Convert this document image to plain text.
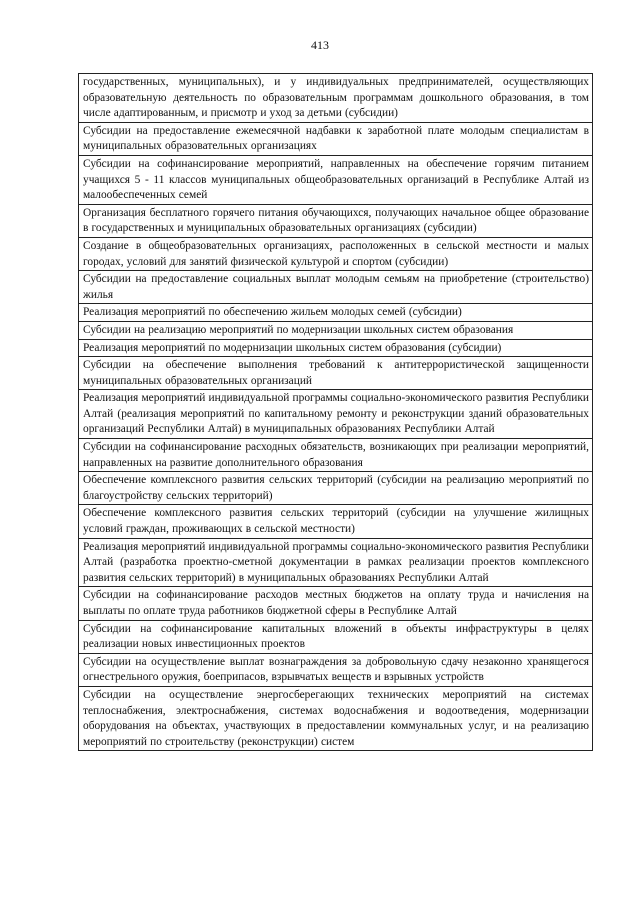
413
государственных, муниципальных), и у индивидуальных предпринимателей, осуществляющих образовательную деятельность по образовательным программам дошкольного образования, в том числе адаптированным, и присмотр и уход за детьми (субсидии)
Субсидии на предоставление ежемесячной надбавки к заработной плате молодым специалистам в муниципальных образовательных организациях
Субсидии на софинансирование мероприятий, направленных на обеспечение горячим питанием учащихся 5 - 11 классов муниципальных общеобразовательных организаций в Республике Алтай из малообеспеченных семей
Организация бесплатного горячего питания обучающихся, получающих начальное общее образование в государственных и муниципальных образовательных организациях (субсидии)
Создание в общеобразовательных организациях, расположенных в сельской местности и малых городах, условий для занятий физической культурой и спортом (субсидии)
Субсидии на предоставление социальных выплат молодым семьям на приобретение (строительство) жилья
Реализация мероприятий по обеспечению жильем молодых семей (субсидии)
Субсидии на реализацию мероприятий по модернизации школьных систем образования
Реализация мероприятий по модернизации школьных систем образования (субсидии)
Субсидии на обеспечение выполнения требований к антитеррористической защищенности муниципальных образовательных организаций
Реализация мероприятий индивидуальной программы социально-экономического развития Республики Алтай (реализация мероприятий по капитальному ремонту и реконструкции зданий образовательных организаций Республики Алтай) в муниципальных образованиях Республики Алтай
Субсидии на софинансирование расходных обязательств, возникающих при реализации мероприятий, направленных на развитие дополнительного образования
Обеспечение комплексного развития сельских территорий (субсидии на реализацию мероприятий по благоустройству сельских территорий)
Обеспечение комплексного развития сельских территорий (субсидии на улучшение жилищных условий граждан, проживающих в сельской местности)
Реализация мероприятий индивидуальной программы социально-экономического развития Республики Алтай (разработка проектно-сметной документации в рамках реализации проектов комплексного развития сельских территорий) в муниципальных образованиях Республики Алтай
Субсидии на софинансирование расходов местных бюджетов на оплату труда и начисления на выплаты по оплате труда работников бюджетной сферы в Республике Алтай
Субсидии на софинансирование капитальных вложений в объекты инфраструктуры в целях реализации новых инвестиционных проектов
Субсидии на осуществление выплат вознаграждения за добровольную сдачу незаконно хранящегося огнестрельного оружия, боеприпасов, взрывчатых веществ и взрывных устройств
Субсидии на осуществление энергосберегающих технических мероприятий на системах теплоснабжения, электроснабжения, системах водоснабжения и водоотведения, модернизации оборудования на объектах, участвующих в предоставлении коммунальных услуг, и на реализацию мероприятий по строительству (реконструкции) систем
